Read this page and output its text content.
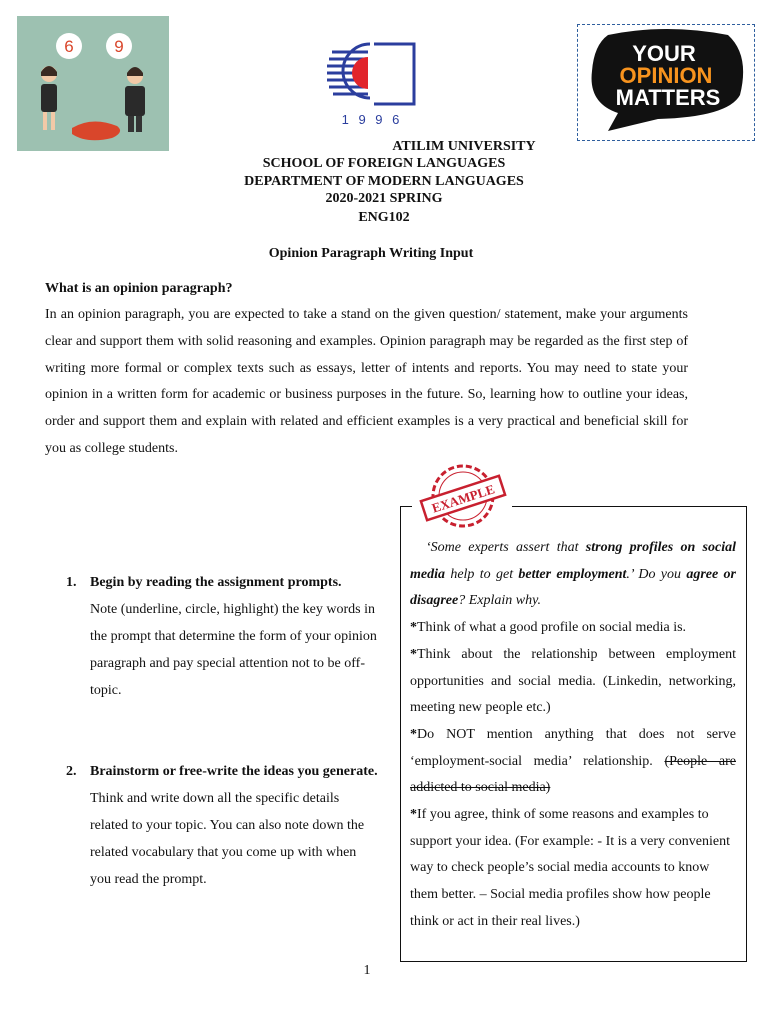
6 9
1 9 9 6
YOUR
OPINION
MATTERS
ATILIM UNIVERSITY
SCHOOL OF FOREIGN LANGUAGES
DEPARTMENT OF MODERN LANGUAGES
2020-2021 SPRING
ENG102
Opinion Paragraph Writing Input
What is an opinion paragraph?
In an opinion paragraph, you are expected to take a stand on the given question/ statement, make your arguments clear and support them with solid reasoning and examples. Opinion paragraph may be regarded as the first step of writing more formal or complex texts such as essays, letter of intents and reports. You may need to state your opinion in a written form for academic or business purposes in the future. So, learning how to outline your ideas, order and support them and explain with related and efficient examples is a very practical and beneficial skill for you as college students.
1. Begin by reading the assignment prompts.
Note (underline, circle, highlight) the key words in the prompt that determine the form of your opinion paragraph and pay special attention not to be off-topic.
2. Brainstorm or free-write the ideas you generate. Think and write down all the specific details related to your topic. You can also note down the related vocabulary that you come up with when you read the prompt.
EXAMPLE

‘Some experts assert that strong profiles on social media help to get better employment.’ Do you agree or disagree? Explain why.

*Think of what a good profile on social media is.

*Think about the relationship between employment opportunities and social media. (Linkedin, networking, meeting new people etc.)

*Do NOT mention anything that does not serve ‘employment-social media’ relationship. (People are addicted to social media)

*If you agree, think of some reasons and examples to support your idea. (For example: - It is a very convenient way to check people’s social media accounts to know them better. – Social media profiles show how people think or act in their real lives.)

1
